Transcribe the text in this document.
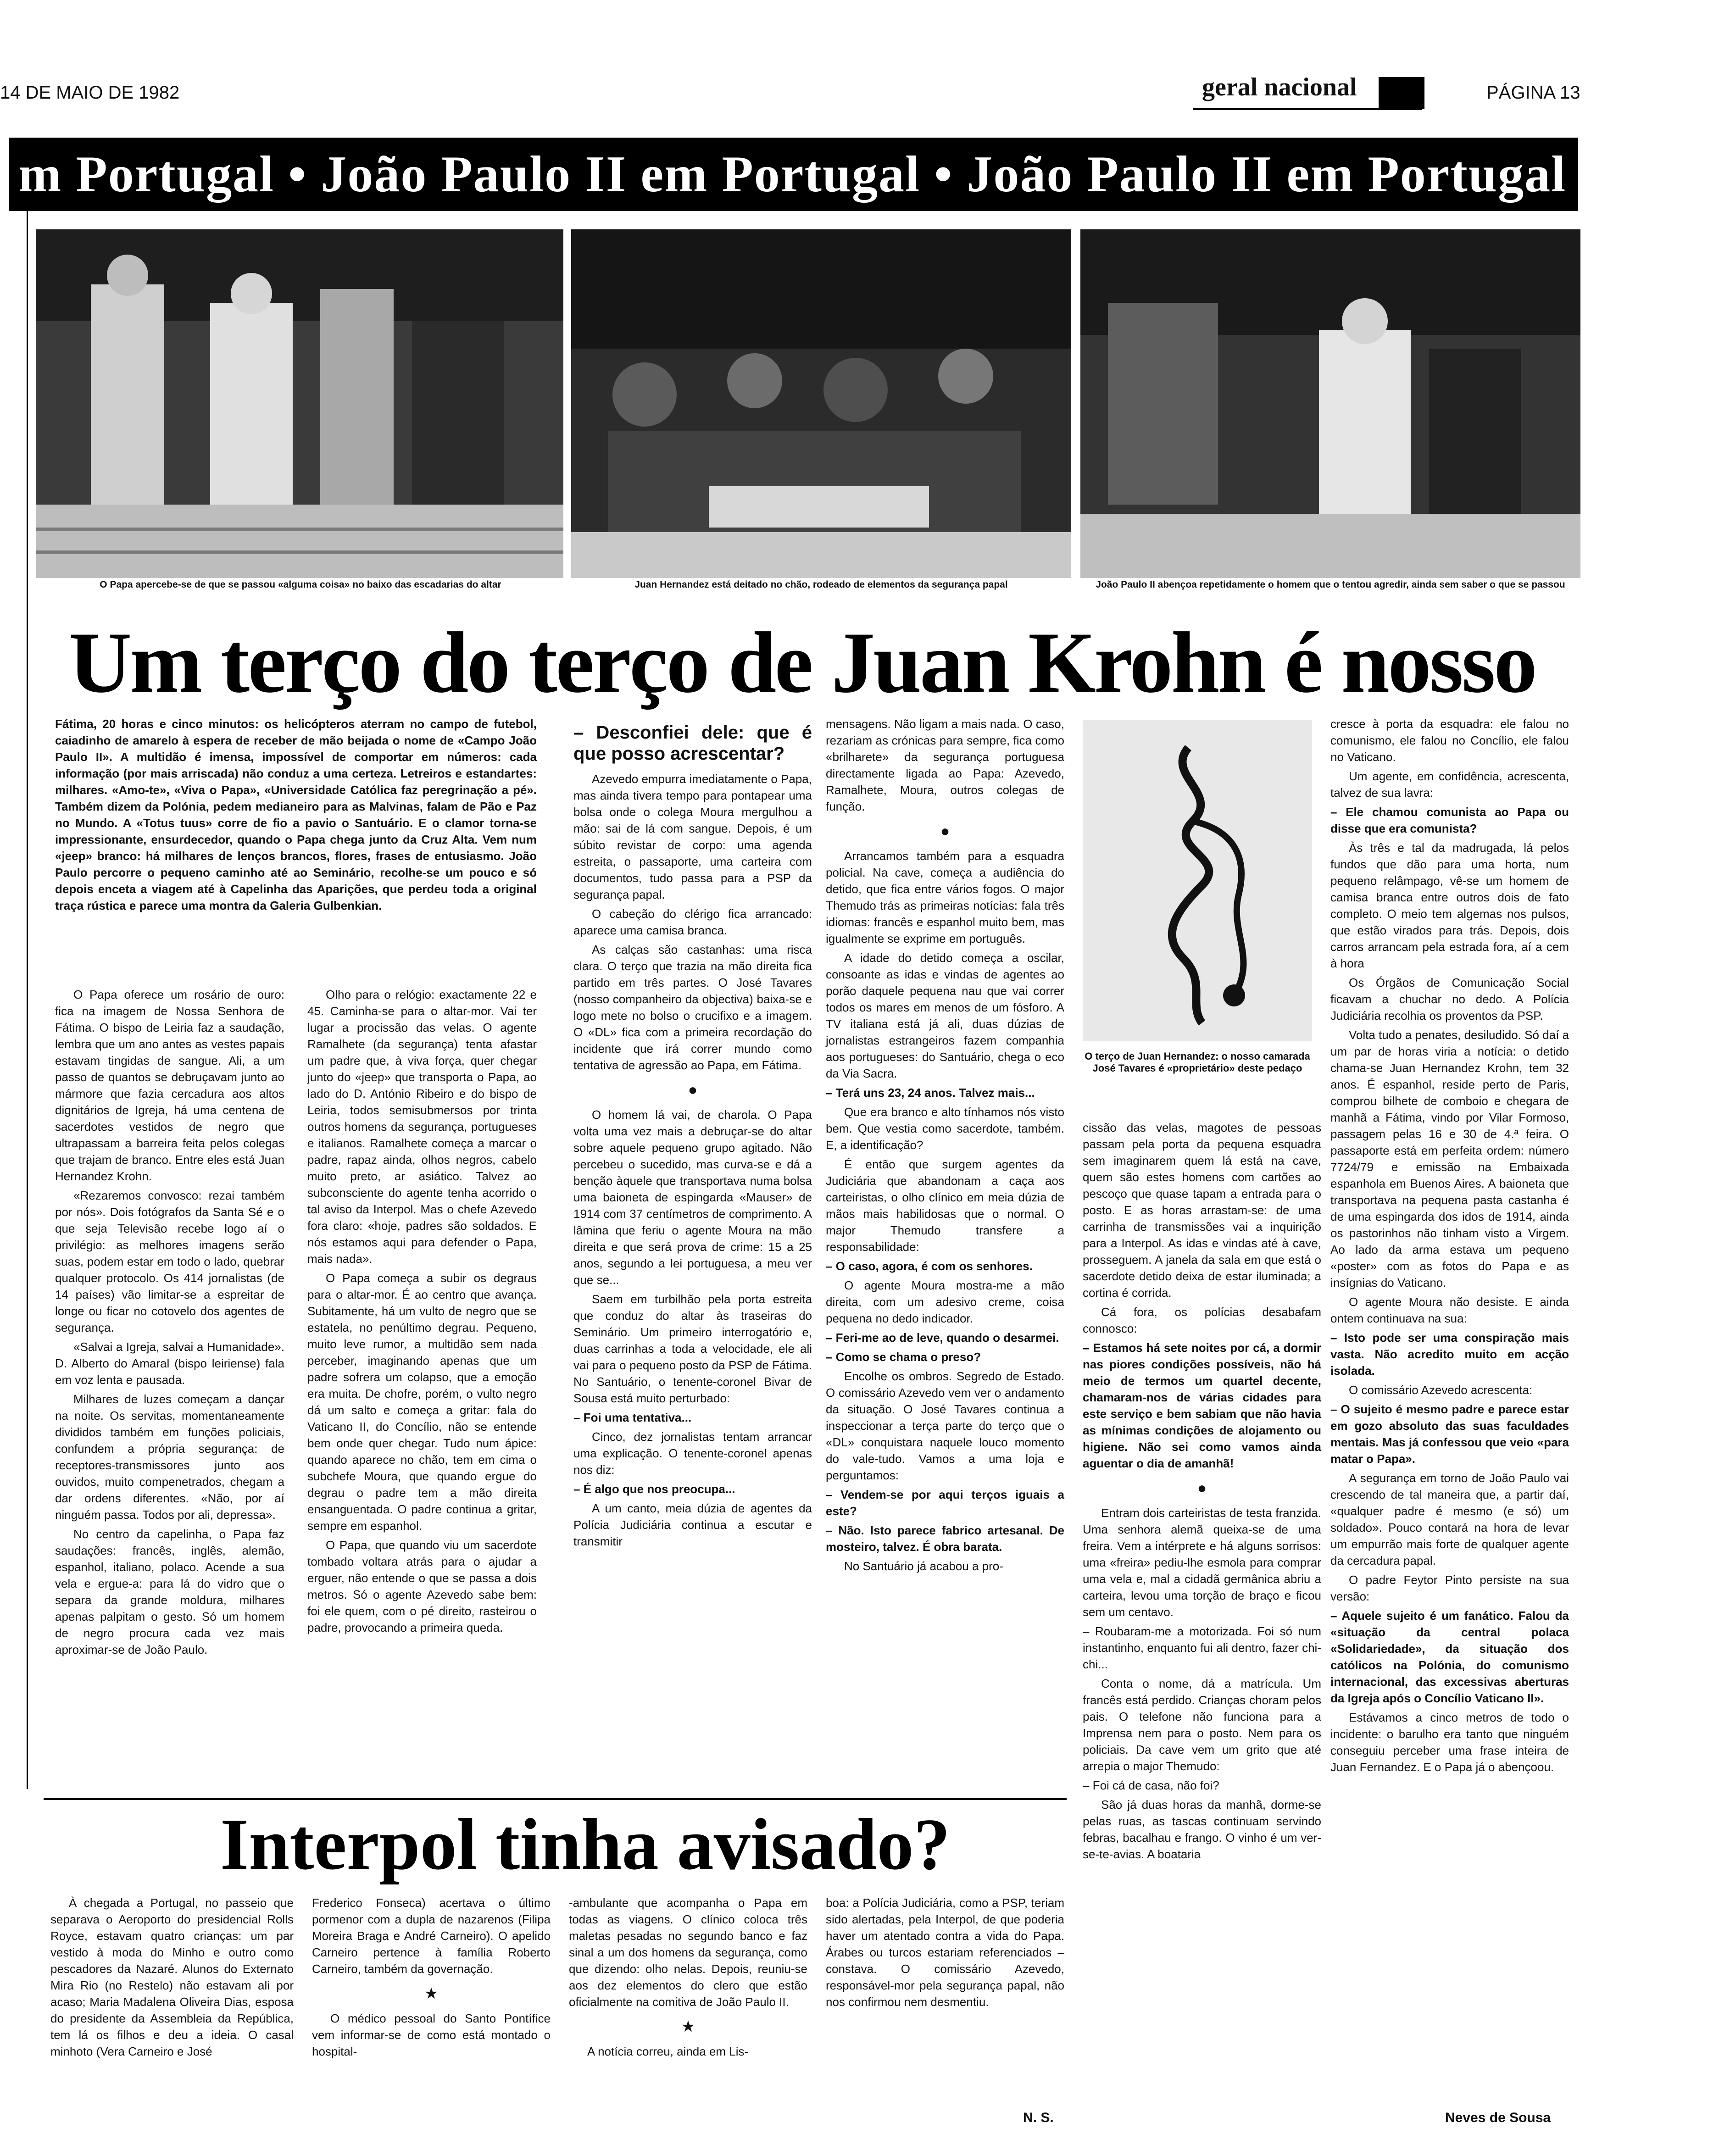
14 DE MAIO DE 1982	geral nacional	PÁGINA 13
m Portugal • João Paulo II em Portugal • João Paulo II em Portugal • João
O Papa apercebe-se de que se passou «alguma coisa» no baixo das escadarias do altar	Juan Hernandez está deitado no chão, rodeado de elementos da segurança papal	João Paulo II abençoa repetidamente o homem que o tentou agredir, ainda sem saber o que se passou
Um terço do terço de Juan Krohn é nosso
Fátima, 20 horas e cinco minutos: os helicópteros aterram no campo de futebol, caiadinho de amarelo à espera de receber de mão beijada o nome de «Campo João Paulo II». A multidão é imensa, impossível de comportar em números: cada informação (por mais arriscada) não conduz a uma certeza. Letreiros e estandartes: milhares. «Amo-te», «Viva o Papa», «Universidade Católica faz peregrinação a pé». Também dizem da Polónia, pedem medianeiro para as Malvinas, falam de Pão e Paz no Mundo. A «Totus tuus» corre de fio a pavio o Santuário. E o clamor torna-se impressionante, ensurdecedor, quando o Papa chega junto da Cruz Alta. Vem num «jeep» branco: há milhares de lenços brancos, flores, frases de entusiasmo. João Paulo percorre o pequeno caminho até ao Seminário, recolhe-se um pouco e só depois enceta a viagem até à Capelinha das Aparições, que perdeu toda a original traça rústica e parece uma montra da Galeria Gulbenkian.

O Papa oferece um rosário de ouro: fica na imagem de Nossa Senhora de Fátima. O bispo de Leiria faz a saudação, lembra que um ano antes as vestes papais estavam tingidas de sangue. Ali, a um passo de quantos se debruçavam junto ao mármore que fazia cercadura aos altos dignitários de Igreja, há uma centena de sacerdotes vestidos de negro que ultrapassam a barreira feita pelos colegas que trajam de branco. Entre eles está Juan Hernandez Krohn.

«Rezaremos convosco: rezai também por nós». Dois fotógrafos da Santa Sé e o que seja Televisão recebe logo aí o privilégio: as melhores imagens serão suas, podem estar em todo o lado, quebrar qualquer protocolo. Os 414 jornalistas (de 14 países) vão limitar-se a espreitar de longe ou ficar no cotovelo dos agentes de segurança.

«Salvai a Igreja, salvai a Humanidade». D. Alberto do Amaral (bispo leiriense) fala em voz lenta e pausada.

Milhares de luzes começam a dançar na noite. Os servitas, momentaneamente divididos também em funções policiais, confundem a própria segurança: de receptores-transmissores junto aos ouvidos, muito compenetrados, chegam a dar ordens diferentes. «Não, por aí ninguém passa. Todos por ali, depressa».

No centro da capelinha, o Papa faz saudações: francês, inglês, alemão, espanhol, italiano, polaco. Acende a sua vela e ergue-a: para lá do vidro que o separa da grande moldura, milhares apenas palpitam o gesto. Só um homem de negro procura cada vez mais aproximar-se de João Paulo.

Olho para o relógio: exactamente 22 e 45. Caminha-se para o altar-mor. Vai ter lugar a procissão das velas. O agente Ramalhete (da segurança) tenta afastar um padre que, à viva força, quer chegar junto do «jeep» que transporta o Papa, ao lado do D. António Ribeiro e do bispo de Leiria, todos semisubmersos por trinta outros homens da segurança, portugueses e italianos. Ramalhete começa a marcar o padre, rapaz ainda, olhos negros, cabelo muito preto, ar asiático. Talvez ao subconsciente do agente tenha acorrido o tal aviso da Interpol. Mas o chefe Azevedo fora claro: «hoje, padres são soldados. E nós estamos aqui para defender o Papa, mais nada».

O Papa começa a subir os degraus para o altar-mor. É ao centro que avança. Subitamente, há um vulto de negro que se estatela, no penúltimo degrau. Pequeno, muito leve rumor, a multidão sem nada perceber, imaginando apenas que um padre sofrera um colapso, que a emoção era muita. De chofre, porém, o vulto negro dá um salto e começa a gritar: fala do Vaticano II, do Concílio, não se entende bem onde quer chegar. Tudo num ápice: quando aparece no chão, tem em cima o subchefe Moura, que quando ergue do degrau o padre tem a mão direita ensanguentada. O padre continua a gritar, sempre em espanhol.

O Papa, que quando viu um sacerdote tombado voltara atrás para o ajudar a erguer, não entende o que se passa a dois metros. Só o agente Azevedo sabe bem: foi ele quem, com o pé direito, rasteirou o padre, provocando a primeira queda.

– Desconfiei dele: que é que posso acrescentar?

Azevedo empurra imediatamente o Papa, mas ainda tivera tempo para pontapear uma bolsa onde o colega Moura mergulhou a mão: sai de lá com sangue. Depois, é um súbito revistar de corpo: uma agenda estreita, o passaporte, uma carteira com documentos, tudo passa para a PSP da segurança papal.

O cabeção do clérigo fica arrancado: aparece uma camisa branca.

As calças são castanhas: uma risca clara. O terço que trazia na mão direita fica partido em três partes. O José Tavares (nosso companheiro da objectiva) baixa-se e logo mete no bolso o crucifixo e a imagem. O «DL» fica com a primeira recordação do incidente que irá correr mundo como tentativa de agressão ao Papa, em Fátima.

●

O homem lá vai, de charola. O Papa volta uma vez mais a debruçar-se do altar sobre aquele pequeno grupo agitado. Não percebeu o sucedido, mas curva-se e dá a benção àquele que transportava numa bolsa uma baioneta de espingarda «Mauser» de 1914 com 37 centímetros de comprimento. A lâmina que feriu o agente Moura na mão direita e que será prova de crime: 15 a 25 anos, segundo a lei portuguesa, a meu ver que se...

Saem em turbilhão pela porta estreita que conduz do altar às traseiras do Seminário. Um primeiro interrogatório e, duas carrinhas a toda a velocidade, ele ali vai para o pequeno posto da PSP de Fátima. No Santuário, o tenente-coronel Bivar de Sousa está muito perturbado:

– Foi uma tentativa...

Cinco, dez jornalistas tentam arrancar uma explicação. O tenente-coronel apenas nos diz:

– É algo que nos preocupa...

A um canto, meia dúzia de agentes da Polícia Judiciária continua a escutar e transmitir

mensagens. Não ligam a mais nada. O caso, rezariam as crónicas para sempre, fica como «brilharete» da segurança portuguesa directamente ligada ao Papa: Azevedo, Ramalhete, Moura, outros colegas de função.

●

Arrancamos também para a esquadra policial. Na cave, começa a audiência do detido, que fica entre vários fogos. O major Themudo trás as primeiras notícias: fala três idiomas: francês e espanhol muito bem, mas igualmente se exprime em português.

A idade do detido começa a oscilar, consoante as idas e vindas de agentes ao porão daquele pequena nau que vai correr todos os mares em menos de um fósforo. A TV italiana está já ali, duas dúzias de jornalistas estrangeiros fazem companhia aos portugueses: do Santuário, chega o eco da Via Sacra.

– Terá uns 23, 24 anos. Talvez mais...

Que era branco e alto tínhamos nós visto bem. Que vestia como sacerdote, também. E, a identificação?

É então que surgem agentes da Judiciária que abandonam a caça aos carteiristas, o olho clínico em meia dúzia de mãos mais habilidosas que o normal. O major Themudo transfere a responsabilidade:

– O caso, agora, é com os senhores.

O agente Moura mostra-me a mão direita, com um adesivo creme, coisa pequena no dedo indicador.

– Feri-me ao de leve, quando o desarmei.

– Como se chama o preso?

Encolhe os ombros. Segredo de Estado. O comissário Azevedo vem ver o andamento da situação. O José Tavares continua a inspeccionar a terça parte do terço que o «DL» conquistara naquele louco momento do vale-tudo. Vamos a uma loja e perguntamos:

– Vendem-se por aqui terços iguais a este?

– Não. Isto parece fabrico artesanal. De mosteiro, talvez. É obra barata.

No Santuário já acabou a pro-

O terço de Juan Hernandez: o nosso camarada José Tavares é «proprietário» deste pedaço

cissão das velas, magotes de pessoas passam pela porta da pequena esquadra sem imaginarem quem lá está na cave, quem são estes homens com cartões ao pescoço que quase tapam a entrada para o posto. E as horas arrastam-se: de uma carrinha de transmissões vai a inquirição para a Interpol. As idas e vindas até à cave, prosseguem. A janela da sala em que está o sacerdote detido deixa de estar iluminada; a cortina é corrida.

Cá fora, os polícias desabafam connosco:

– Estamos há sete noites por cá, a dormir nas piores condições possíveis, não há meio de termos um quartel decente, chamaram-nos de várias cidades para este serviço e bem sabiam que não havia as mínimas condições de alojamento ou higiene. Não sei como vamos ainda aguentar o dia de amanhã!

●

Entram dois carteiristas de testa franzida. Uma senhora alemã queixa-se de uma freira. Vem a intérprete e há alguns sorrisos: uma «freira» pediu-lhe esmola para comprar uma vela e, mal a cidadã germânica abriu a carteira, levou uma torção de braço e ficou sem um centavo.

– Roubaram-me a motorizada. Foi só num instantinho, enquanto fui ali dentro, fazer chi-chi...

Conta o nome, dá a matrícula. Um francês está perdido. Crianças choram pelos pais. O telefone não funciona para a Imprensa nem para o posto. Nem para os policiais. Da cave vem um grito que até arrepia o major Themudo:

– Foi cá de casa, não foi?

São já duas horas da manhã, dorme-se pelas ruas, as tascas continuam servindo febras, bacalhau e frango. O vinho é um ver-se-te-avias. A boataria

cresce à porta da esquadra: ele falou no comunismo, ele falou no Concílio, ele falou no Vaticano.

Um agente, em confidência, acrescenta, talvez de sua lavra:

– Ele chamou comunista ao Papa ou disse que era comunista?

Às três e tal da madrugada, lá pelos fundos que dão para uma horta, num pequeno relâmpago, vê-se um homem de camisa branca entre outros dois de fato completo. O meio tem algemas nos pulsos, que estão virados para trás. Depois, dois carros arrancam pela estrada fora, aí a cem à hora

Os Órgãos de Comunicação Social ficavam a chuchar no dedo. A Polícia Judiciária recolhia os proventos da PSP.

Volta tudo a penates, desiludido. Só daí a um par de horas viria a notícia: o detido chama-se Juan Hernandez Krohn, tem 32 anos. É espanhol, reside perto de Paris, comprou bilhete de comboio e chegara de manhã a Fátima, vindo por Vilar Formoso, passagem pelas 16 e 30 de 4.ª feira. O passaporte está em perfeita ordem: número 7724/79 e emissão na Embaixada espanhola em Buenos Aires. A baioneta que transportava na pequena pasta castanha é de uma espingarda dos idos de 1914, ainda os pastorinhos não tinham visto a Virgem. Ao lado da arma estava um pequeno «poster» com as fotos do Papa e as insígnias do Vaticano.

O agente Moura não desiste. E ainda ontem continuava na sua:

– Isto pode ser uma conspiração mais vasta. Não acredito muito em acção isolada.

O comissário Azevedo acrescenta:

– O sujeito é mesmo padre e parece estar em gozo absoluto das suas faculdades mentais. Mas já confessou que veio «para matar o Papa».

A segurança em torno de João Paulo vai crescendo de tal maneira que, a partir daí, «qualquer padre é mesmo (e só) um soldado». Pouco contará na hora de levar um empurrão mais forte de qualquer agente da cercadura papal.

O padre Feytor Pinto persiste na sua versão:

– Aquele sujeito é um fanático. Falou da «situação da central polaca «Solidariedade», da situação dos católicos na Polónia, do comunismo internacional, das excessivas aberturas da Igreja após o Concílio Vaticano II».

Estávamos a cinco metros de todo o incidente: o barulho era tanto que ninguém conseguiu perceber uma frase inteira de Juan Fernandez. E o Papa já o abençoou.

Neves de Sousa
Interpol tinha avisado?

À chegada a Portugal, no passeio que separava o Aeroporto do presidencial Rolls Royce, estavam quatro crianças: um par vestido à moda do Minho e outro como pescadores da Nazaré. Alunos do Externato Mira Rio (no Restelo) não estavam ali por acaso; Maria Madalena Oliveira Dias, esposa do presidente da Assembleia da República, tem lá os filhos e deu a ideia. O casal minhoto (Vera Carneiro e José

Frederico Fonseca) acertava o último pormenor com a dupla de nazarenos (Filipa Moreira Braga e André Carneiro). O apelido Carneiro pertence à família Roberto Carneiro, também da governação.

★

O médico pessoal do Santo Pontífice vem informar-se de como está montado o hospital-

-ambulante que acompanha o Papa em todas as viagens. O clínico coloca três maletas pesadas no segundo banco e faz sinal a um dos homens da segurança, como que dizendo: olho nelas. Depois, reuniu-se aos dez elementos do clero que estão oficialmente na comitiva de João Paulo II.

★

A notícia correu, ainda em Lis-

boa: a Polícia Judiciária, como a PSP, teriam sido alertadas, pela Interpol, de que poderia haver um atentado contra a vida do Papa. Árabes ou turcos estariam referenciados – constava. O comissário Azevedo, responsável-mor pela segurança papal, não nos confirmou nem desmentiu.

N. S.
